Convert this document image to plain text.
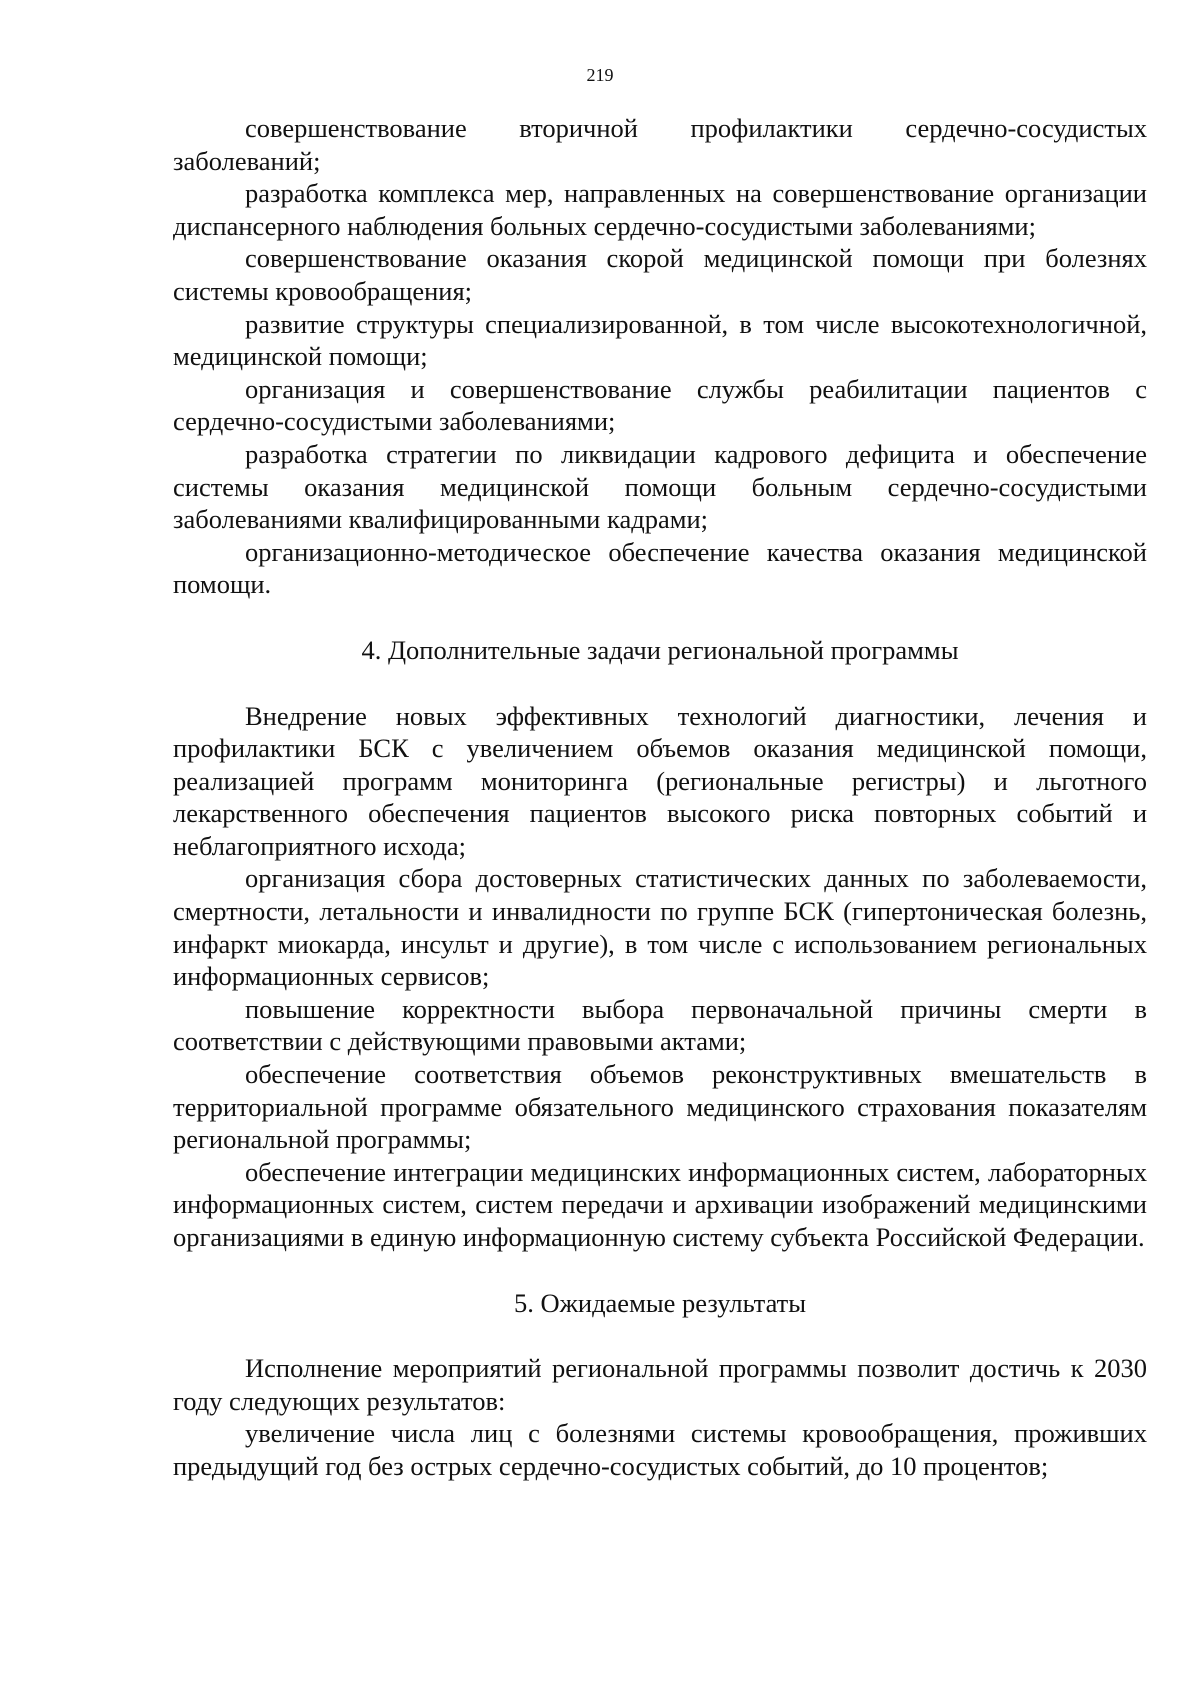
219

совершенствование вторичной профилактики сердечно-сосудистых заболеваний;

разработка комплекса мер, направленных на совершенствование организации диспансерного наблюдения больных сердечно-сосудистыми заболеваниями;

совершенствование оказания скорой медицинской помощи при болезнях системы кровообращения;

развитие структуры специализированной, в том числе высокотехнологичной, медицинской помощи;

организация и совершенствование службы реабилитации пациентов с сердечно-сосудистыми заболеваниями;

разработка стратегии по ликвидации кадрового дефицита и обеспечение системы оказания медицинской помощи больным сердечно-сосудистыми заболеваниями квалифицированными кадрами;

организационно-методическое обеспечение качества оказания медицинской помощи.

4. Дополнительные задачи региональной программы

Внедрение новых эффективных технологий диагностики, лечения и профилактики БСК с увеличением объемов оказания медицинской помощи, реализацией программ мониторинга (региональные регистры) и льготного лекарственного обеспечения пациентов высокого риска повторных событий и неблагоприятного исхода;

организация сбора достоверных статистических данных по заболеваемости, смертности, летальности и инвалидности по группе БСК (гипертоническая болезнь, инфаркт миокарда, инсульт и другие), в том числе с использованием региональных информационных сервисов;

повышение корректности выбора первоначальной причины смерти в соответствии с действующими правовыми актами;

обеспечение соответствия объемов реконструктивных вмешательств в территориальной программе обязательного медицинского страхования показателям региональной программы;

обеспечение интеграции медицинских информационных систем, лабораторных информационных систем, систем передачи и архивации изображений медицинскими организациями в единую информационную систему субъекта Российской Федерации.

5. Ожидаемые результаты

Исполнение мероприятий региональной программы позволит достичь к 2030 году следующих результатов:

увеличение числа лиц с болезнями системы кровообращения, проживших предыдущий год без острых сердечно-сосудистых событий, до 10 процентов;
